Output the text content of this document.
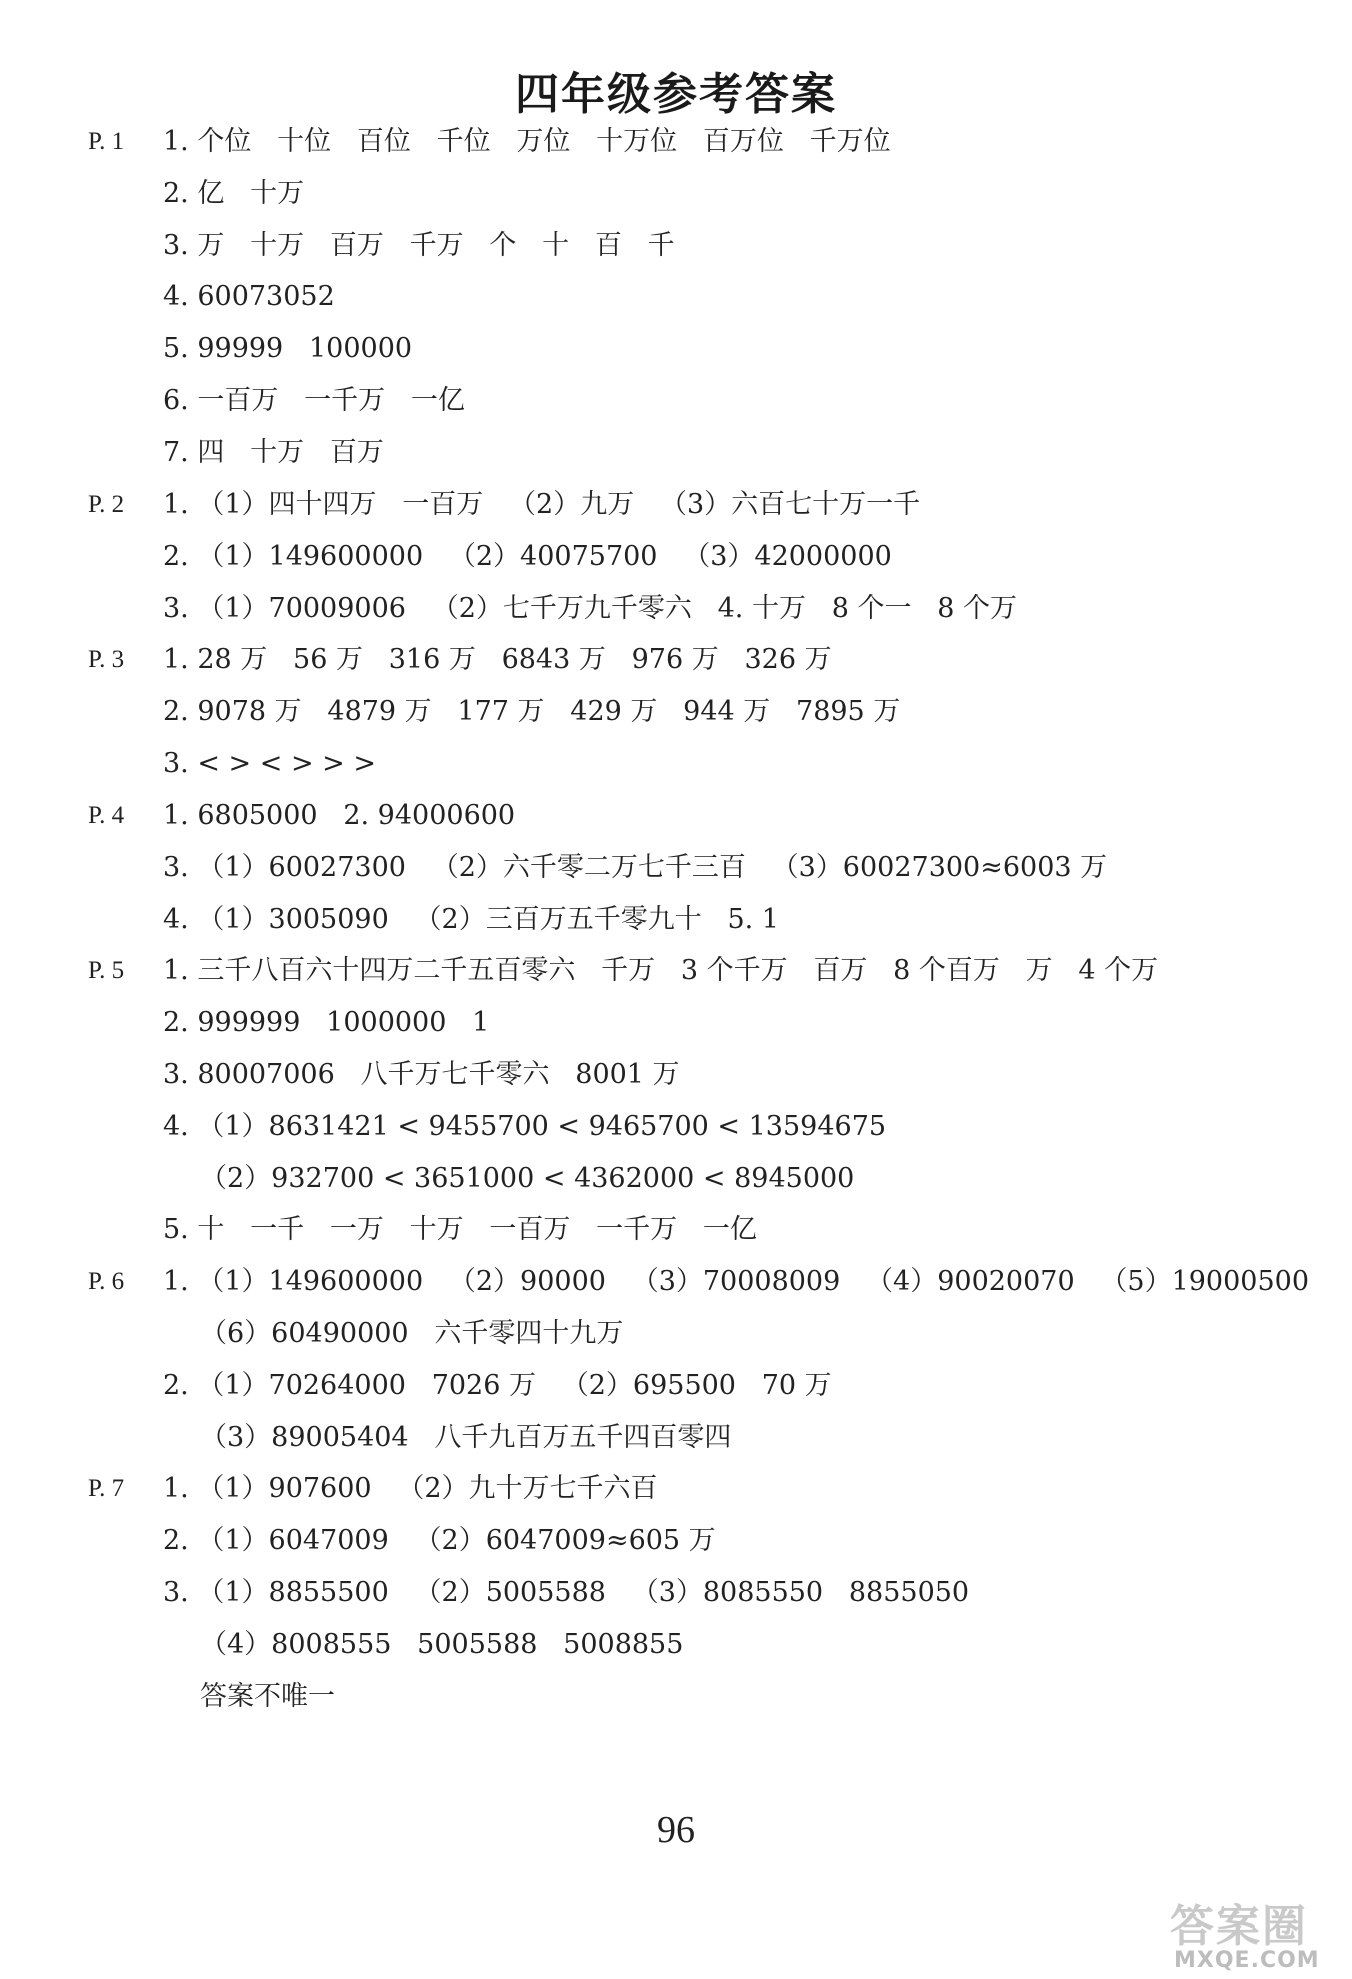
四年级参考答案
P. 1 1. 个位   十位   百位   千位   万位   十万位   百万位   千万位
2. 亿   十万
3. 万   十万   百万   千万   个   十   百   千
4. 60073052
5. 99999   100000
6. 一百万   一千万   一亿
7. 四   十万   百万
P. 2 1. （1）四十四万   一百万   （2）九万   （3）六百七十万一千
2. （1）149600000   （2）40075700   （3）42000000
3. （1）70009006   （2）七千万九千零六   4. 十万   8 个一   8 个万
P. 3 1. 28 万   56 万   316 万   6843 万   976 万   326 万
2. 9078 万   4879 万   177 万   429 万   944 万   7895 万
3. < > < > > >
P. 4 1. 6805000   2. 94000600
3. （1）60027300   （2）六千零二万七千三百   （3）60027300≈6003 万
4. （1）3005090   （2）三百万五千零九十   5. 1
P. 5 1. 三千八百六十四万二千五百零六   千万   3 个千万   百万   8 个百万   万   4 个万
2. 999999   1000000   1
3. 80007006   八千万七千零六   8001 万
4. （1）8631421 < 9455700 < 9465700 < 13594675
（2）932700 < 3651000 < 4362000 < 8945000
5. 十   一千   一万   十万   一百万   一千万   一亿
P. 6 1. （1）149600000   （2）90000   （3）70008009   （4）90020070   （5）19000500
（6）60490000   六千零四十九万
2. （1）70264000   7026 万   （2）695500   70 万
（3）89005404   八千九百万五千四百零四
P. 7 1. （1）907600   （2）九十万七千六百
2. （1）6047009   （2）6047009≈605 万
3. （1）8855500   （2）5005588   （3）8085550   8855050
（4）8008555   5005588   5008855
答案不唯一
96
答案圈
MXQE.COM
